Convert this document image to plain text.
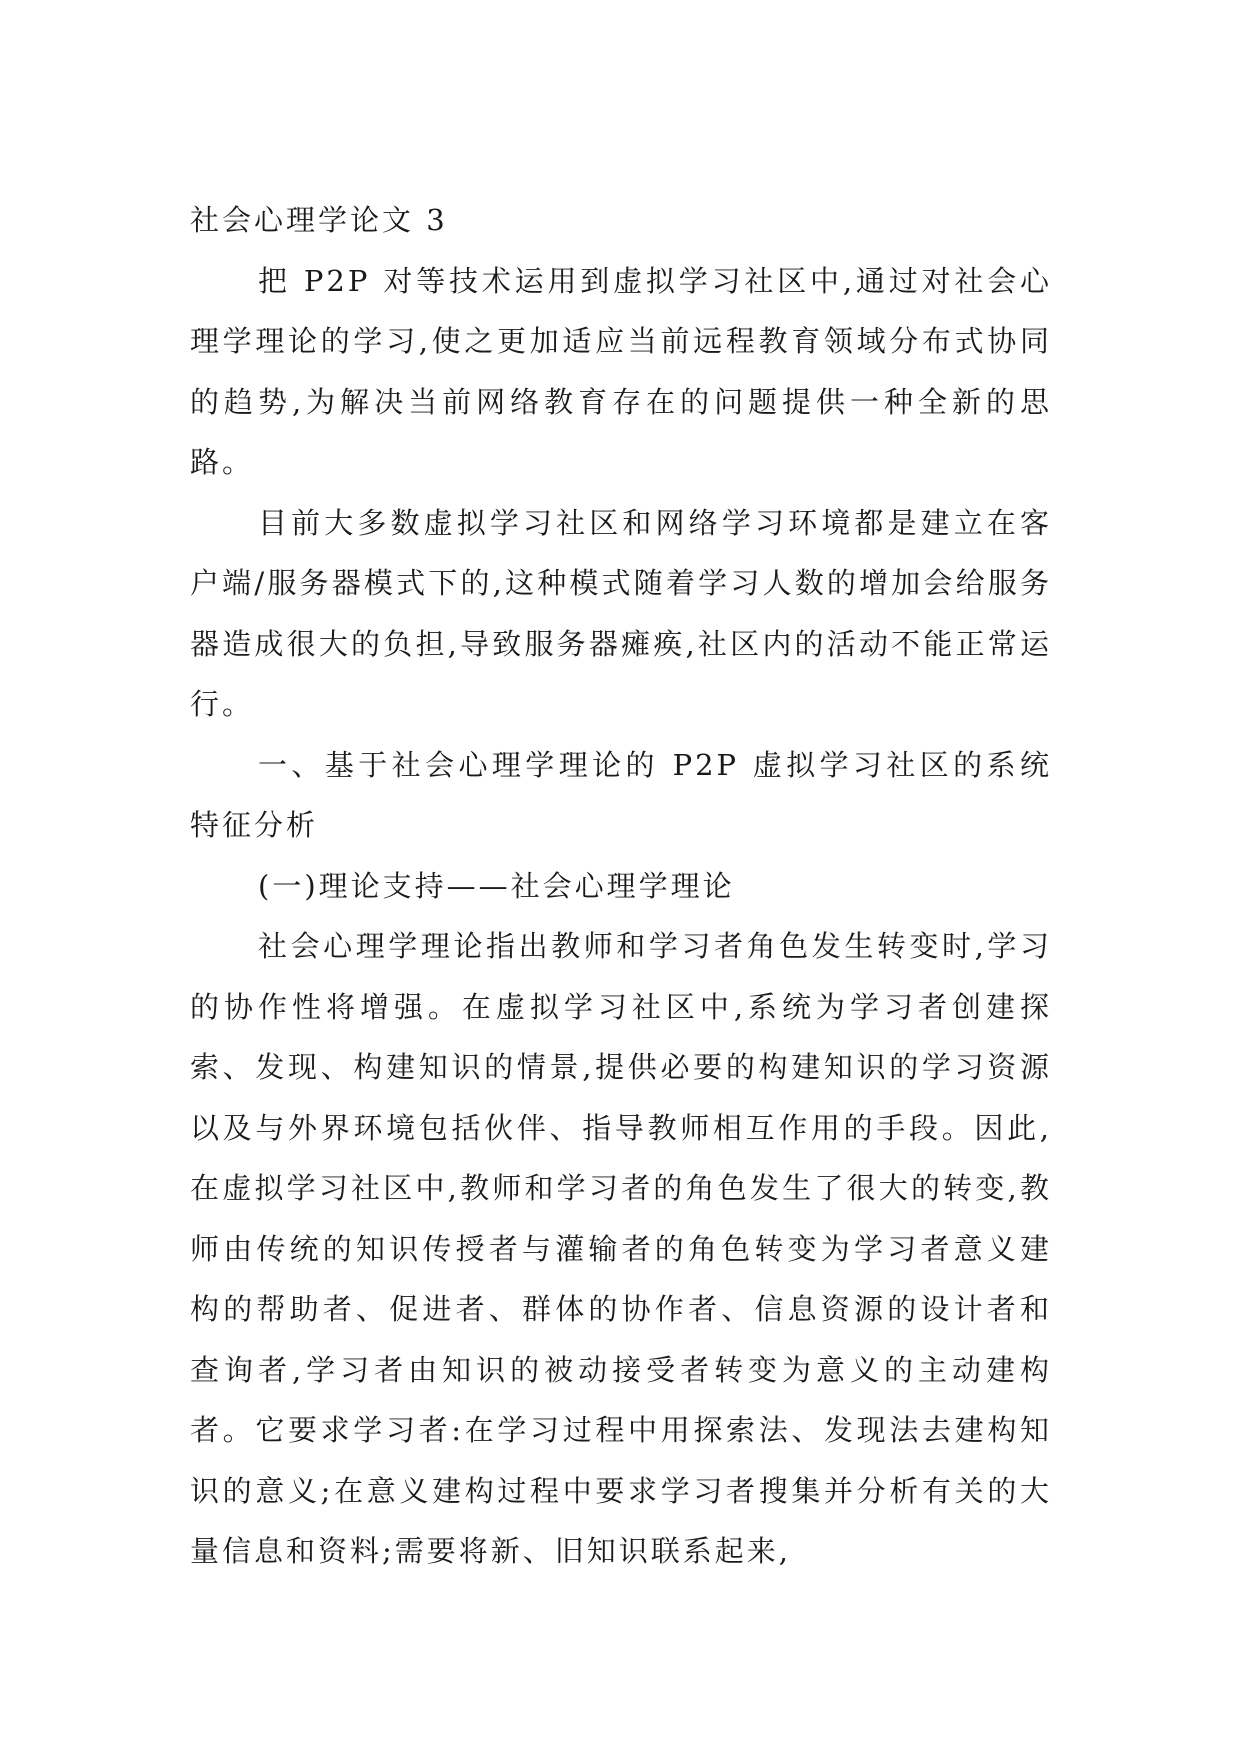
社会心理学论文 3

把 P2P 对等技术运用到虚拟学习社区中,通过对社会心理学理论的学习,使之更加适应当前远程教育领域分布式协同的趋势,为解决当前网络教育存在的问题提供一种全新的思路。

目前大多数虚拟学习社区和网络学习环境都是建立在客户端/服务器模式下的,这种模式随着学习人数的增加会给服务器造成很大的负担,导致服务器瘫痪,社区内的活动不能正常运行。

一、基于社会心理学理论的 P2P 虚拟学习社区的系统特征分析

(一)理论支持——社会心理学理论

社会心理学理论指出教师和学习者角色发生转变时,学习的协作性将增强。在虚拟学习社区中,系统为学习者创建探索、发现、构建知识的情景,提供必要的构建知识的学习资源以及与外界环境包括伙伴、指导教师相互作用的手段。因此,在虚拟学习社区中,教师和学习者的角色发生了很大的转变,教师由传统的知识传授者与灌输者的角色转变为学习者意义建构的帮助者、促进者、群体的协作者、信息资源的设计者和查询者,学习者由知识的被动接受者转变为意义的主动建构者。它要求学习者:在学习过程中用探索法、发现法去建构知识的意义;在意义建构过程中要求学习者搜集并分析有关的大量信息和资料;需要将新、旧知识联系起来,
